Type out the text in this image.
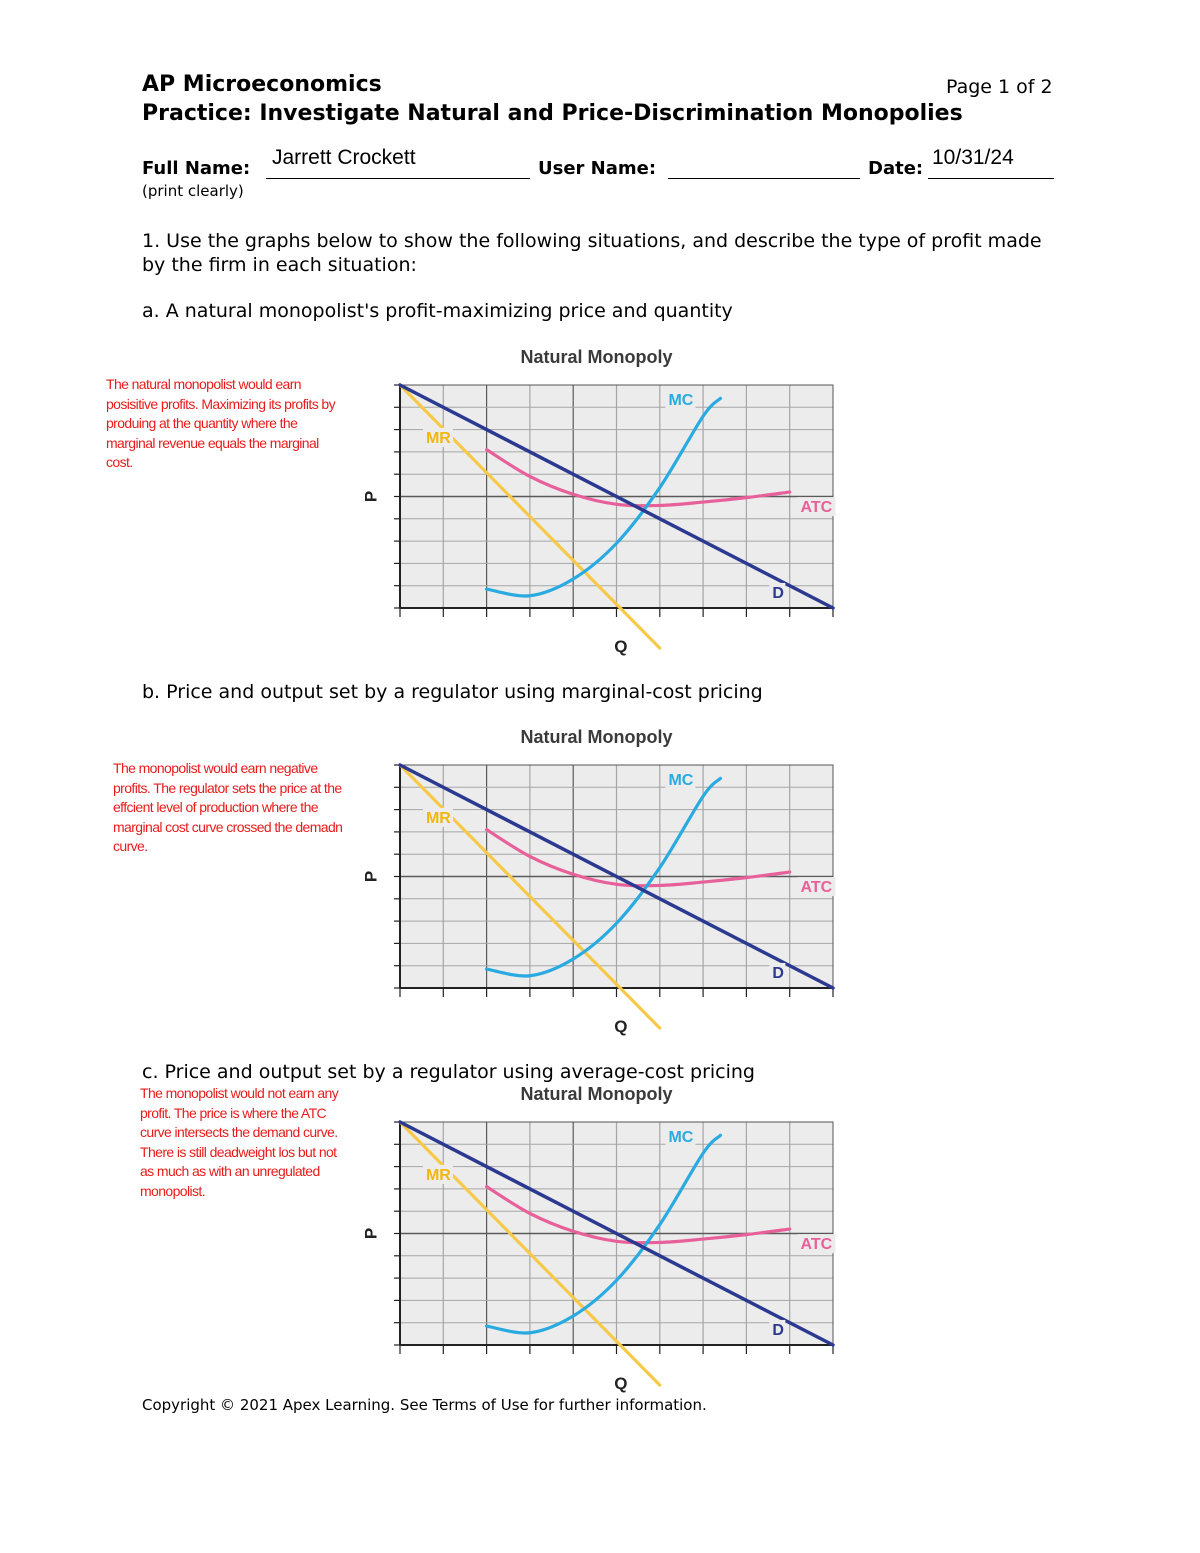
AP Microeconomics	Page 1 of 2
Practice: Investigate Natural and Price-Discrimination Monopolies
Full Name: Jarrett Crockett	User Name:	Date: 10/31/24
(print clearly)
1. Use the graphs below to show the following situations, and describe the type of profit made by the firm in each situation:
a. A natural monopolist's profit-maximizing price and quantity
b. Price and output set by a regulator using marginal-cost pricing
c. Price and output set by a regulator using average-cost pricing
The natural monopolist would earn posisitive profits. Maximizing its profits by produing at the quantity where the marginal revenue equals the marginal cost.
The monopolist would earn negative profits. The regulator sets the price at the effcient level of production where the marginal cost curve crossed the demadn curve.
The monopolist would not earn any profit. The price is where the ATC curve intersects the demand curve. There is still deadweight los but not as much as with an unregulated monopolist.
Natural Monopoly
Q
P
MR
ATC
MC
D
Natural Monopoly
Q
P
MR
ATC
MC
D
Natural Monopoly
Q
P
MR
ATC
MC
D
Copyright © 2021 Apex Learning. See Terms of Use for further information.
